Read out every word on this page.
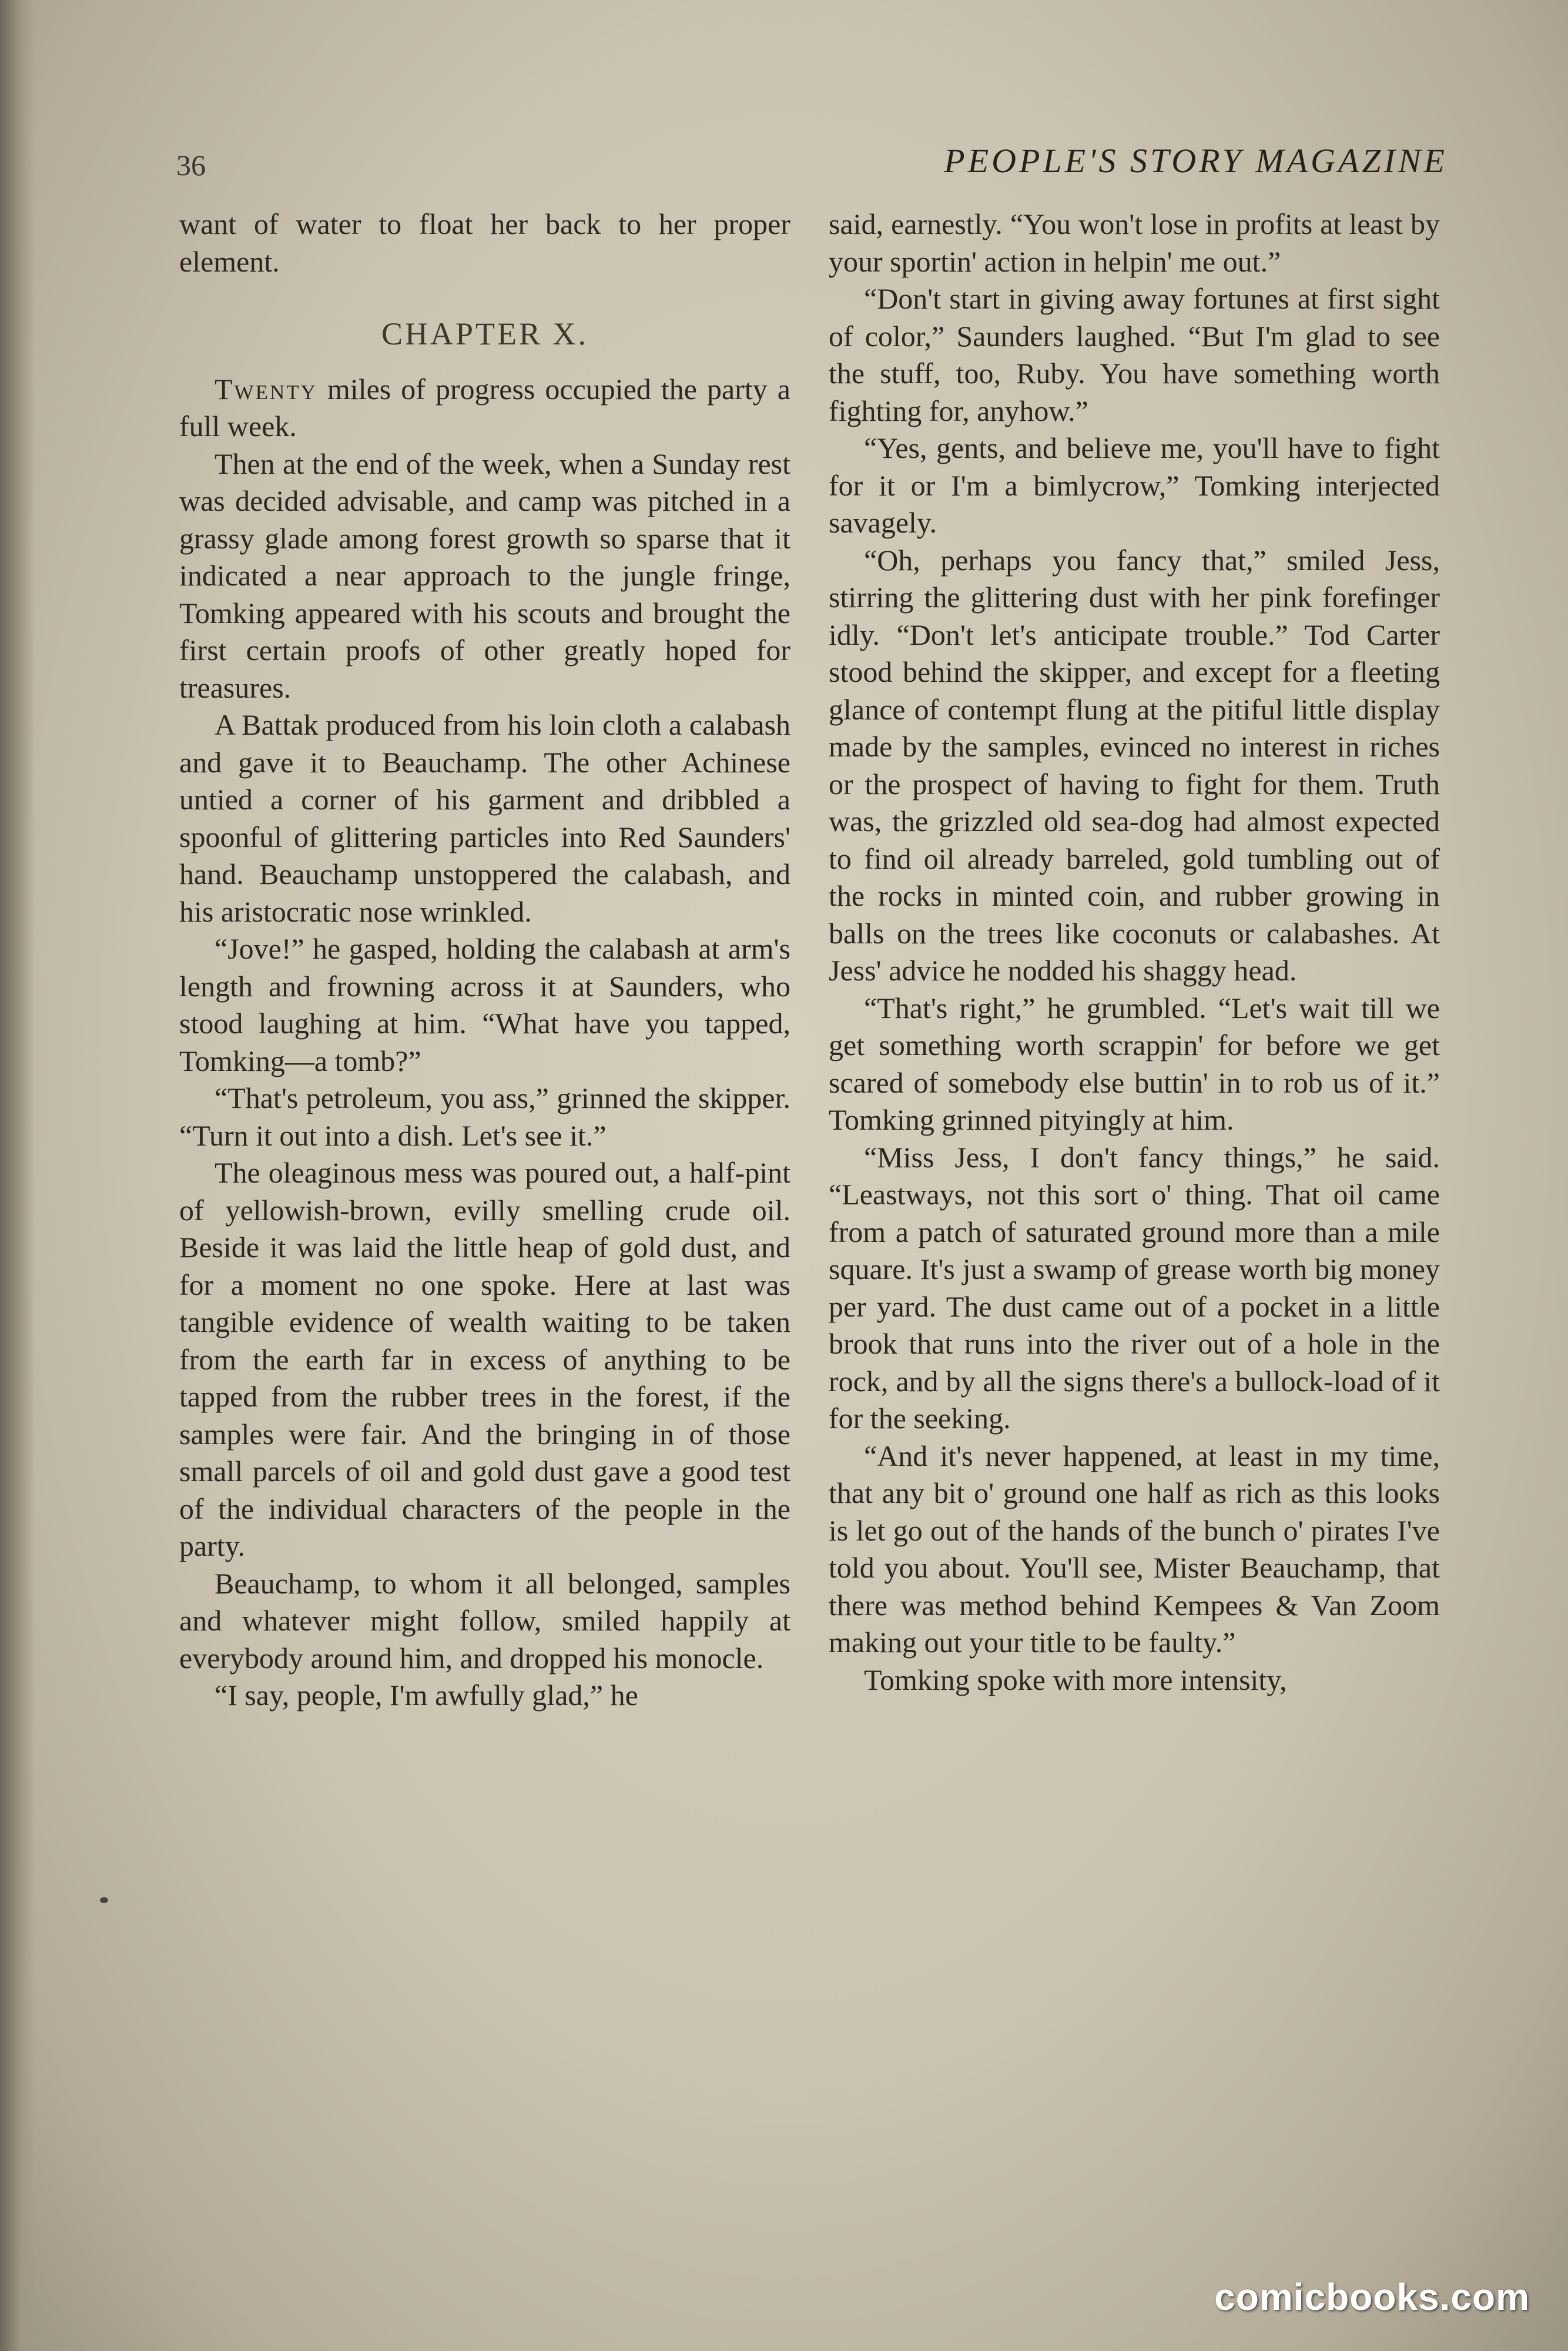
36	PEOPLE'S STORY MAGAZINE

want of water to float her back to her proper element.

CHAPTER X.

Twenty miles of progress occupied the party a full week.

Then at the end of the week, when a Sunday rest was decided advisable, and camp was pitched in a grassy glade among forest growth so sparse that it indicated a near approach to the jungle fringe, Tomking appeared with his scouts and brought the first certain proofs of other greatly hoped for treasures.

A Battak produced from his loin cloth a calabash and gave it to Beauchamp. The other Achinese untied a corner of his garment and dribbled a spoonful of glittering particles into Red Saunders' hand. Beauchamp unstoppered the calabash, and his aristocratic nose wrinkled.

“Jove!” he gasped, holding the calabash at arm's length and frowning across it at Saunders, who stood laughing at him. “What have you tapped, Tomking—a tomb?”

“That's petroleum, you ass,” grinned the skipper. “Turn it out into a dish. Let's see it.”

The oleaginous mess was poured out, a half-pint of yellowish-brown, evilly smelling crude oil. Beside it was laid the little heap of gold dust, and for a moment no one spoke. Here at last was tangible evidence of wealth waiting to be taken from the earth far in excess of anything to be tapped from the rubber trees in the forest, if the samples were fair. And the bringing in of those small parcels of oil and gold dust gave a good test of the individual characters of the people in the party.

Beauchamp, to whom it all belonged, samples and whatever might follow, smiled happily at everybody around him, and dropped his monocle.

“I say, people, I'm awfully glad,” he

said, earnestly. “You won't lose in profits at least by your sportin' action in helpin' me out.”

“Don't start in giving away fortunes at first sight of color,” Saunders laughed. “But I'm glad to see the stuff, too, Ruby. You have something worth fighting for, anyhow.”

“Yes, gents, and believe me, you'll have to fight for it or I'm a bimlycrow,” Tomking interjected savagely.

“Oh, perhaps you fancy that,” smiled Jess, stirring the glittering dust with her pink forefinger idly. “Don't let's anticipate trouble.” Tod Carter stood behind the skipper, and except for a fleeting glance of contempt flung at the pitiful little display made by the samples, evinced no interest in riches or the prospect of having to fight for them. Truth was, the grizzled old sea-dog had almost expected to find oil already barreled, gold tumbling out of the rocks in minted coin, and rubber growing in balls on the trees like coconuts or calabashes. At Jess' advice he nodded his shaggy head.

“That's right,” he grumbled. “Let's wait till we get something worth scrappin' for before we get scared of somebody else buttin' in to rob us of it.” Tomking grinned pityingly at him.

“Miss Jess, I don't fancy things,” he said. “Leastways, not this sort o' thing. That oil came from a patch of saturated ground more than a mile square. It's just a swamp of grease worth big money per yard. The dust came out of a pocket in a little brook that runs into the river out of a hole in the rock, and by all the signs there's a bullock-load of it for the seeking.

“And it's never happened, at least in my time, that any bit o' ground one half as rich as this looks is let go out of the hands of the bunch o' pirates I've told you about. You'll see, Mister Beauchamp, that there was method behind Kempees & Van Zoom making out your title to be faulty.”

Tomking spoke with more intensity,

comicbooks.com
